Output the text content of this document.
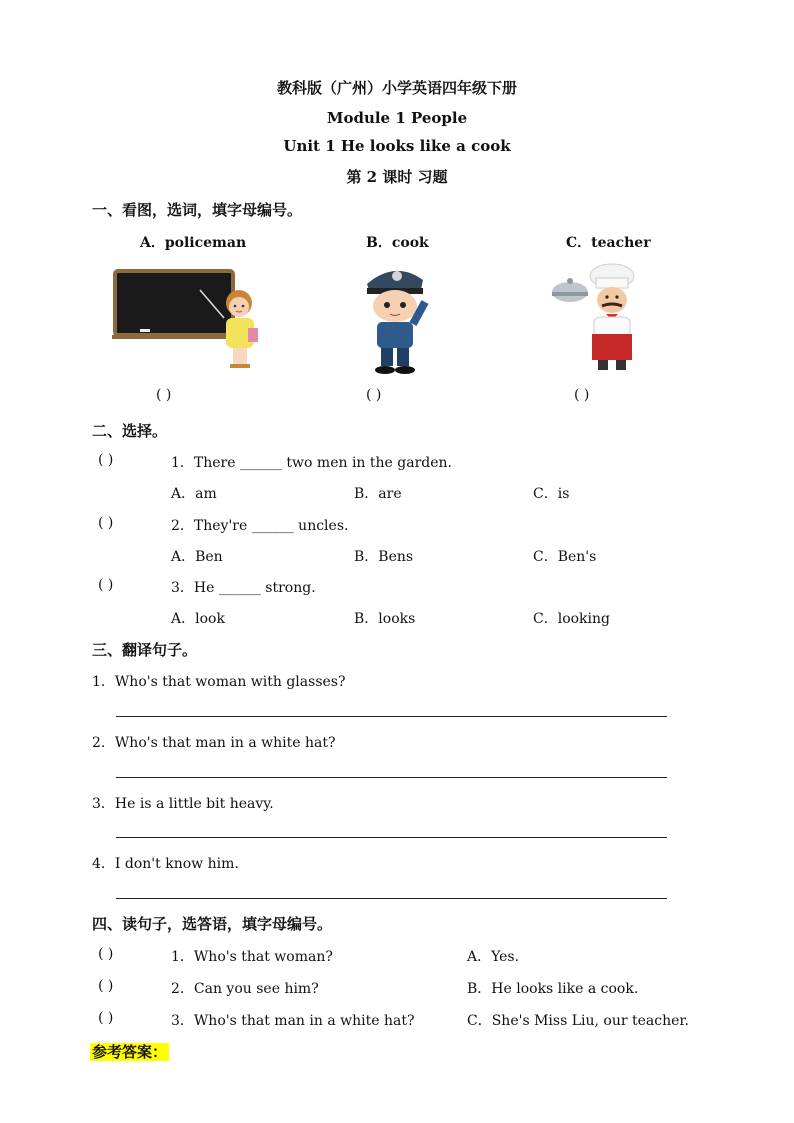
教科版（广州）小学英语四年级下册
Module 1 People
Unit 1 He looks like a cook
第 2 课时 习题
一、看图，选词，填字母编号。
A．policeman	B．cook	C．teacher
( )	( )	( )
二、选择。
( )	1．There ______ two men in the garden.
A．am	B．are	C．is
( )	2．They're ______ uncles.
A．Ben	B．Bens	C．Ben's
( )	3．He ______ strong.
A．look	B．looks	C．looking
三、翻译句子。
1．Who's that woman with glasses?
2．Who's that man in a white hat?
3．He is a little bit heavy.
4．I don't know him.
四、读句子，选答语，填字母编号。
( )	1．Who's that woman?	A．Yes.
( )	2．Can you see him?	B．He looks like a cook.
( )	3．Who's that man in a white hat?	C．She's Miss Liu, our teacher.
参考答案：
